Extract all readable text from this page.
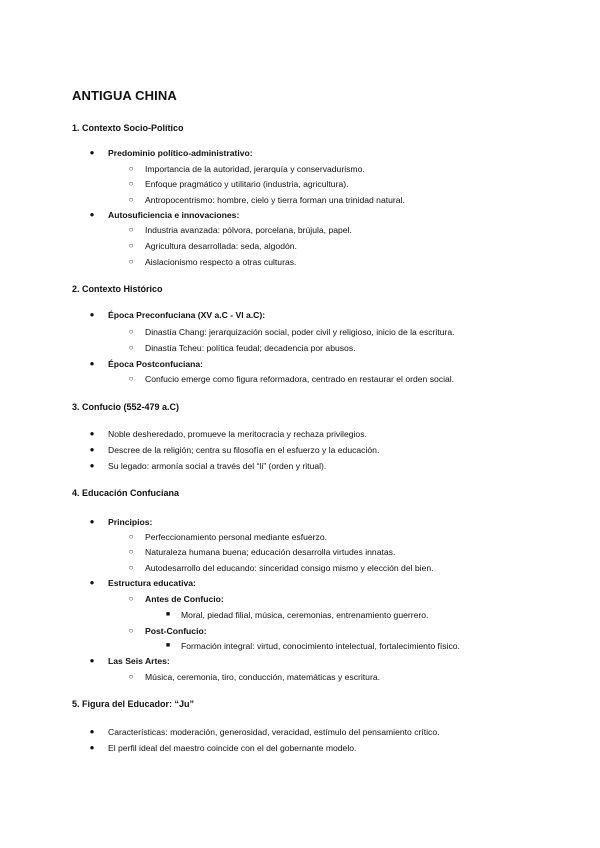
ANTIGUA CHINA
1. Contexto Socio-Político
● Predominio político-administrativo:
○ Importancia de la autoridad, jerarquía y conservadurismo.
○ Enfoque pragmático y utilitario (industria, agricultura).
○ Antropocentrismo: hombre, cielo y tierra forman una trinidad natural.
● Autosuficiencia e innovaciones:
○ Industria avanzada: pólvora, porcelana, brújula, papel.
○ Agricultura desarrollada: seda, algodón.
○ Aislacionismo respecto a otras culturas.
2. Contexto Histórico
● Época Preconfuciana (XV a.C - VI a.C):
○ Dinastía Chang: jerarquización social, poder civil y religioso, inicio de la escritura.
○ Dinastía Tcheu: política feudal; decadencia por abusos.
● Época Postconfuciana:
○ Confucio emerge como figura reformadora, centrado en restaurar el orden social.
3. Confucio (552-479 a.C)
● Noble desheredado, promueve la meritocracia y rechaza privilegios.
● Descree de la religión; centra su filosofía en el esfuerzo y la educación.
● Su legado: armonía social a través del “li” (orden y ritual).
4. Educación Confuciana
● Principios:
○ Perfeccionamiento personal mediante esfuerzo.
○ Naturaleza humana buena; educación desarrolla virtudes innatas.
○ Autodesarrollo del educando: sinceridad consigo mismo y elección del bien.
● Estructura educativa:
○ Antes de Confucio:
■	Moral, piedad filial, música, ceremonias, entrenamiento guerrero.
○ Post-Confucio:
■	Formación integral: virtud, conocimiento intelectual, fortalecimiento físico.
● Las Seis Artes:
○ Música, ceremonia, tiro, conducción, matemáticas y escritura.
5. Figura del Educador: “Ju”
● Características: moderación, generosidad, veracidad, estímulo del pensamiento crítico.
● El perfil ideal del maestro coincide con el del gobernante modelo.
